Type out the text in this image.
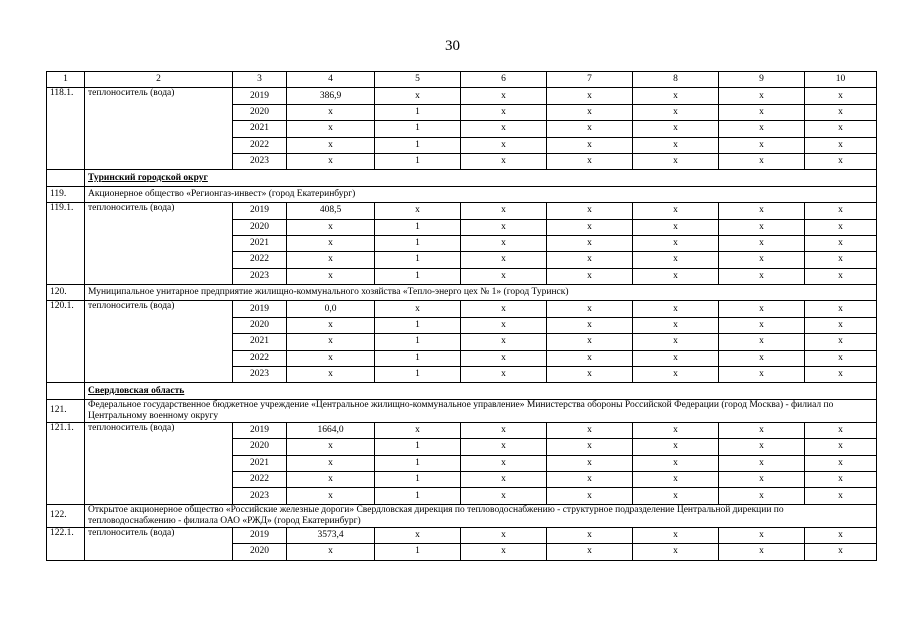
30
1	2	3	4	5	6	7	8	9	10
118.1.	теплоноситель (вода)	2019	386,9	x	x	x	x	x	x
		2020	x	1	x	x	x	x	x
		2021	x	1	x	x	x	x	x
		2022	x	1	x	x	x	x	x
		2023	x	1	x	x	x	x	x
	Туринский городской округ								
119.	Акционерное общество «Регионгаз-инвест» (город Екатеринбург)								
119.1.	теплоноситель (вода)	2019	408,5	x	x	x	x	x	x
		2020	x	1	x	x	x	x	x
		2021	x	1	x	x	x	x	x
		2022	x	1	x	x	x	x	x
		2023	x	1	x	x	x	x	x
120.	Муниципальное унитарное предприятие жилищно-коммунального хозяйства «Тепло-энерго цех № 1» (город Туринск)								
120.1.	теплоноситель (вода)	2019	0,0	x	x	x	x	x	x
		2020	x	1	x	x	x	x	x
		2021	x	1	x	x	x	x	x
		2022	x	1	x	x	x	x	x
		2023	x	1	x	x	x	x	x
	Свердловская область								
121.	Федеральное государственное бюджетное учреждение «Центральное жилищно-коммунальное управление» Министерства обороны Российской Федерации (город Москва) - филиал по Центральному военному округу								
121.1.	теплоноситель (вода)	2019	1664,0	x	x	x	x	x	x
		2020	x	1	x	x	x	x	x
		2021	x	1	x	x	x	x	x
		2022	x	1	x	x	x	x	x
		2023	x	1	x	x	x	x	x
122.	Открытое акционерное общество «Российские железные дороги» Свердловская дирекция по тепловодоснабжению - структурное подразделение Центральной дирекции по тепловодоснабжению - филиала ОАО «РЖД» (город Екатеринбург)								
122.1.	теплоноситель (вода)	2019	3573,4	x	x	x	x	x	x
		2020	x	1	x	x	x	x	x
